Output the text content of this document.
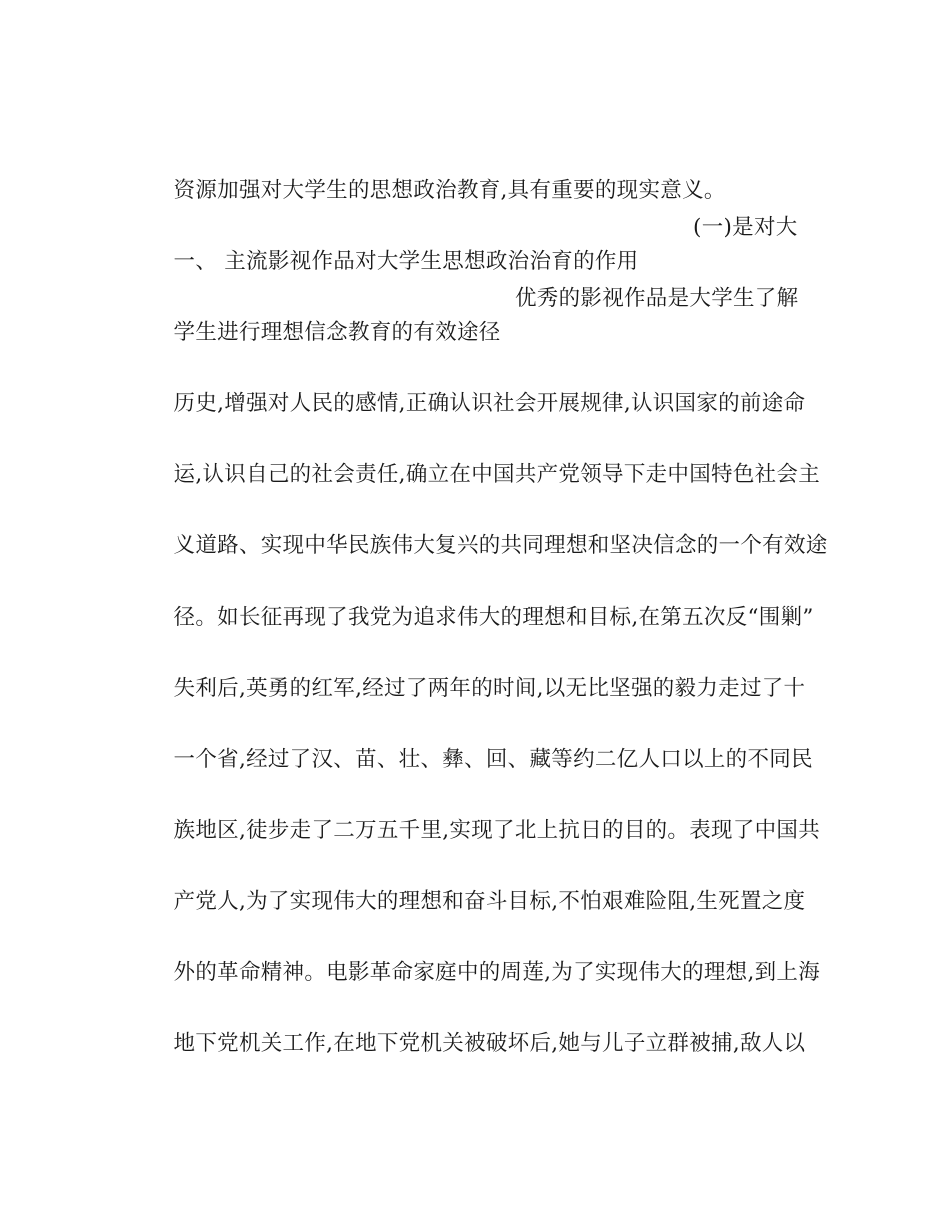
资源加强对大学生的思想政治教育,具有重要的现实意义。

一、 主流影视作品对大学生思想政治治育的作用

(一)是对大

学生进行理想信念教育的有效途径

优秀的影视作品是大学生了解

历史,增强对人民的感情,正确认识社会开展规律,认识国家的前途命

运,认识自己的社会责任,确立在中国共产党领导下走中国特色社会主

义道路、实现中华民族伟大复兴的共同理想和坚决信念的一个有效途

径。如长征再现了我党为追求伟大的理想和目标,在第五次反“围剿”

失利后,英勇的红军,经过了两年的时间,以无比坚强的毅力走过了十

一个省,经过了汉、苗、壮、彝、回、藏等约二亿人口以上的不同民

族地区,徒步走了二万五千里,实现了北上抗日的目的。表现了中国共

产党人,为了实现伟大的理想和奋斗目标,不怕艰难险阻,生死置之度

外的革命精神。电影革命家庭中的周莲,为了实现伟大的理想,到上海

地下党机关工作,在地下党机关被破坏后,她与儿子立群被捕,敌人以
